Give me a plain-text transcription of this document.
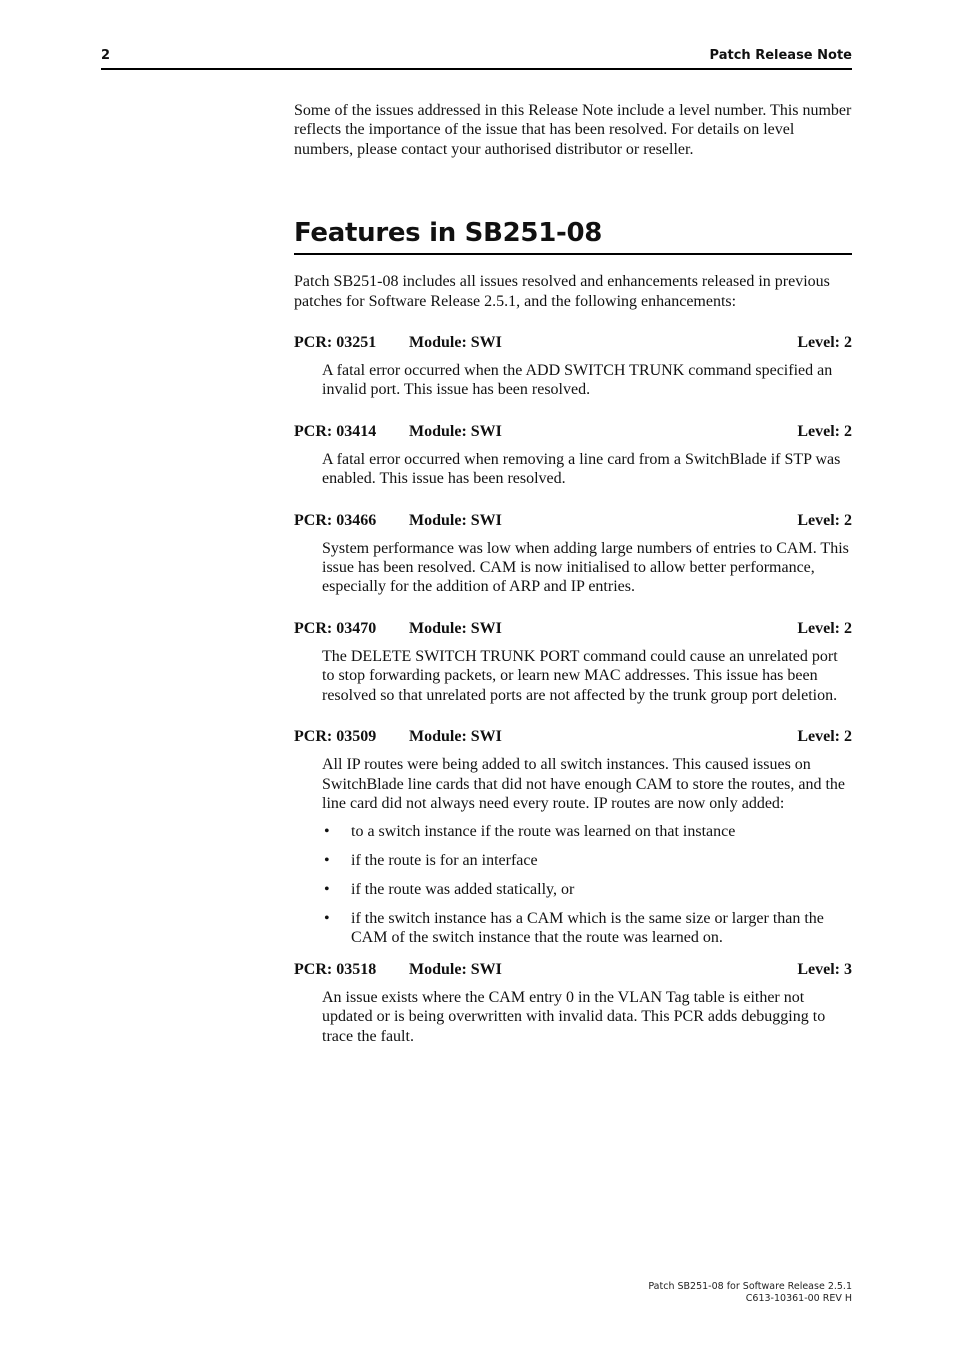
2	Patch Release Note

Some of the issues addressed in this Release Note include a level number. This number reflects the importance of the issue that has been resolved. For details on level numbers, please contact your authorised distributor or reseller.

Features in SB251-08

Patch SB251-08 includes all issues resolved and enhancements released in previous patches for Software Release 2.5.1, and the following enhancements:

PCR: 03251 Module: SWI	Level: 2

A fatal error occurred when the ADD SWITCH TRUNK command specified an invalid port. This issue has been resolved.

PCR: 03414 Module: SWI	Level: 2

A fatal error occurred when removing a line card from a SwitchBlade if STP was enabled. This issue has been resolved.

PCR: 03466 Module: SWI	Level: 2

System performance was low when adding large numbers of entries to CAM. This issue has been resolved. CAM is now initialised to allow better performance, especially for the addition of ARP and IP entries.

PCR: 03470 Module: SWI	Level: 2

The DELETE SWITCH TRUNK PORT command could cause an unrelated port to stop forwarding packets, or learn new MAC addresses. This issue has been resolved so that unrelated ports are not affected by the trunk group port deletion.

PCR: 03509 Module: SWI	Level: 2

All IP routes were being added to all switch instances. This caused issues on SwitchBlade line cards that did not have enough CAM to store the routes, and the line card did not always need every route. IP routes are now only added:

• to a switch instance if the route was learned on that instance
• if the route is for an interface
• if the route was added statically, or
• if the switch instance has a CAM which is the same size or larger than the CAM of the switch instance that the route was learned on.
PCR: 03518 Module: SWI	Level: 3

An issue exists where the CAM entry 0 in the VLAN Tag table is either not updated or is being overwritten with invalid data. This PCR adds debugging to trace the fault.

Patch SB251-08 for Software Release 2.5.1
C613-10361-00 REV H
